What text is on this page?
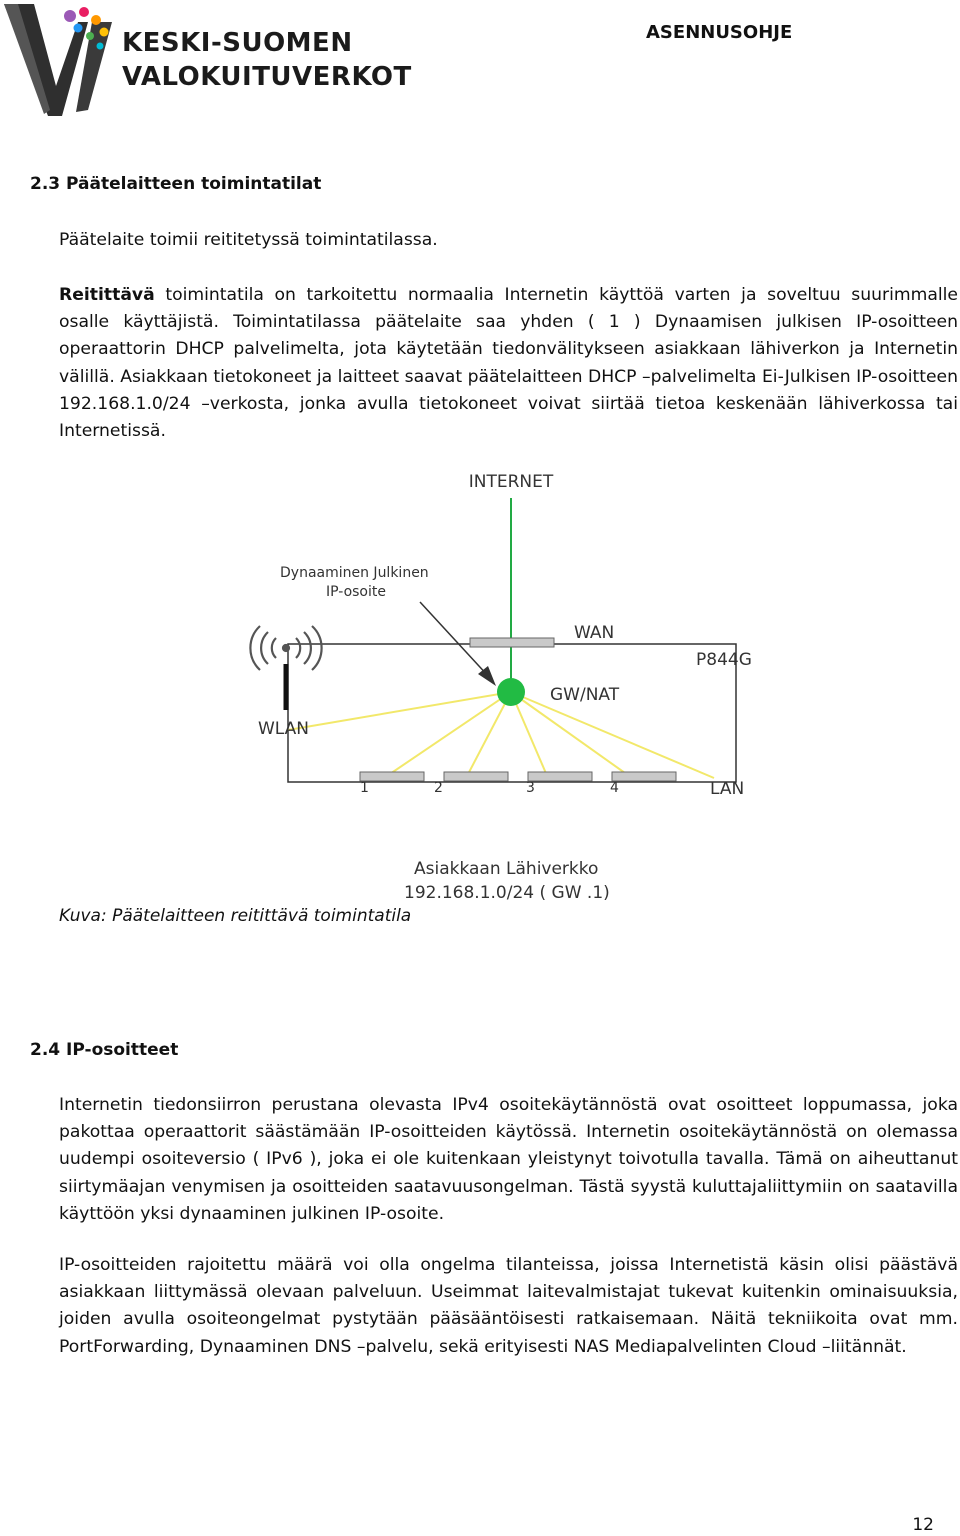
KESKI-SUOMEN
VALOKUITUVERKOT
ASENNUSOHJE
2.3 Päätelaitteen toimintatilat

Päätelaite toimii reititetyssä toimintatilassa.

Reitittävä toimintatila on tarkoitettu normaalia Internetin käyttöä varten ja soveltuu suurimmalle osalle käyttäjistä. Toimintatilassa päätelaite saa yhden ( 1 ) Dynaamisen julkisen IP-osoitteen operaattorin DHCP palvelimelta, jota käytetään tiedonvälitykseen asiakkaan lähiverkon ja Internetin välillä. Asiakkaan tietokoneet ja laitteet saavat päätelaitteen DHCP –palvelimelta Ei-Julkisen IP-osoitteen 192.168.1.0/24 –verkosta, jonka avulla tietokoneet voivat siirtää tietoa keskenään lähiverkossa tai Internetissä.

INTERNET
Dynaaminen Julkinen
IP-osoite
WAN
P844G
GW/NAT
WLAN
1	2	3	4	LAN
Asiakkaan Lähiverkko
192.168.1.0/24 ( GW .1)
Kuva: Päätelaitteen reitittävä toimintatila
2.4 IP-osoitteet

Internetin tiedonsiirron perustana olevasta IPv4 osoitekäytännöstä ovat osoitteet loppumassa, joka pakottaa operaattorit säästämään IP-osoitteiden käytössä. Internetin osoitekäytännöstä on olemassa uudempi osoiteversio ( IPv6 ), joka ei ole kuitenkaan yleistynyt toivotulla tavalla. Tämä on aiheuttanut siirtymäajan venymisen ja osoitteiden saatavuusongelman. Tästä syystä kuluttajaliittymiin on saatavilla käyttöön yksi dynaaminen julkinen IP-osoite.

IP-osoitteiden rajoitettu määrä voi olla ongelma tilanteissa, joissa Internetistä käsin olisi päästävä asiakkaan liittymässä olevaan palveluun. Useimmat laitevalmistajat tukevat kuitenkin ominaisuuksia, joiden avulla osoiteongelmat pystytään pääsääntöisesti ratkaisemaan. Näitä tekniikoita ovat mm. PortForwarding, Dynaaminen DNS –palvelu, sekä erityisesti NAS Mediapalvelinten Cloud –liitännät.

12
